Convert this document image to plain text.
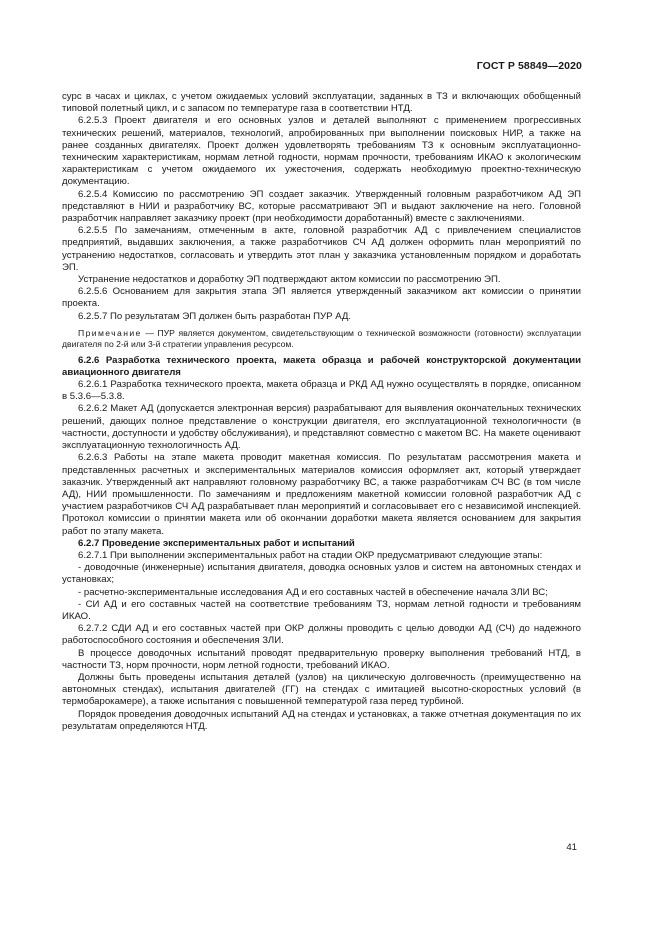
ГОСТ Р 58849—2020

сурс в часах и циклах, с учетом ожидаемых условий эксплуатации, заданных в ТЗ и включающих обобщенный типовой полетный цикл, и с запасом по температуре газа в соответствии НТД.

6.2.5.3 Проект двигателя и его основных узлов и деталей выполняют с применением прогрессивных технических решений, материалов, технологий, апробированных при выполнении поисковых НИР, а также на ранее созданных двигателях. Проект должен удовлетворять требованиям ТЗ к основным эксплуатационно-техническим характеристикам, нормам летной годности, нормам прочности, требованиям ИКАО к экологическим характеристикам с учетом ожидаемого их ужесточения, содержать необходимую проектно-техническую документацию.

6.2.5.4 Комиссию по рассмотрению ЭП создает заказчик. Утвержденный головным разработчиком АД ЭП представляют в НИИ и разработчику ВС, которые рассматривают ЭП и выдают заключение на него. Головной разработчик направляет заказчику проект (при необходимости доработанный) вместе с заключениями.

6.2.5.5 По замечаниям, отмеченным в акте, головной разработчик АД с привлечением специалистов предприятий, выдавших заключения, а также разработчиков СЧ АД должен оформить план мероприятий по устранению недостатков, согласовать и утвердить этот план у заказчика установленным порядком и доработать ЭП.

Устранение недостатков и доработку ЭП подтверждают актом комиссии по рассмотрению ЭП.

6.2.5.6 Основанием для закрытия этапа ЭП является утвержденный заказчиком акт комиссии о принятии проекта.

6.2.5.7 По результатам ЭП должен быть разработан ПУР АД.

Примечание — ПУР является документом, свидетельствующим о технической возможности (готовности) эксплуатации двигателя по 2-й или 3-й стратегии управления ресурсом.

6.2.6 Разработка технического проекта, макета образца и рабочей конструкторской документации авиационного двигателя

6.2.6.1 Разработка технического проекта, макета образца и РКД АД нужно осуществлять в порядке, описанном в 5.3.6—5.3.8.

6.2.6.2 Макет АД (допускается электронная версия) разрабатывают для выявления окончательных технических решений, дающих полное представление о конструкции двигателя, его эксплуатационной технологичности (в частности, доступности и удобству обслуживания), и представляют совместно с макетом ВС. На макете оценивают эксплуатационную технологичность АД.

6.2.6.3 Работы на этапе макета проводит макетная комиссия. По результатам рассмотрения макета и представленных расчетных и экспериментальных материалов комиссия оформляет акт, который утверждает заказчик. Утвержденный акт направляют головному разработчику ВС, а также разработчикам СЧ ВС (в том числе АД), НИИ промышленности. По замечаниям и предложениям макетной комиссии головной разработчик АД с участием разработчиков СЧ АД разрабатывает план мероприятий и согласовывает его с независимой инспекцией. Протокол комиссии о принятии макета или об окончании доработки макета является основанием для закрытия работ по этапу макета.

6.2.7 Проведение экспериментальных работ и испытаний

6.2.7.1 При выполнении экспериментальных работ на стадии ОКР предусматривают следующие этапы:

- доводочные (инженерные) испытания двигателя, доводка основных узлов и систем на автономных стендах и установках;

- расчетно-экспериментальные исследования АД и его составных частей в обеспечение начала ЗЛИ ВС;

- СИ АД и его составных частей на соответствие требованиям ТЗ, нормам летной годности и требованиям ИКАО.

6.2.7.2 СДИ АД и его составных частей при ОКР должны проводить с целью доводки АД (СЧ) до надежного работоспособного состояния и обеспечения ЗЛИ.

В процессе доводочных испытаний проводят предварительную проверку выполнения требований НТД, в частности ТЗ, норм прочности, норм летной годности, требований ИКАО.

Должны быть проведены испытания деталей (узлов) на циклическую долговечность (преимущественно на автономных стендах), испытания двигателей (ГГ) на стендах с имитацией высотно-скоростных условий (в термобарокамере), а также испытания с повышенной температурой газа перед турбиной.

Порядок проведения доводочных испытаний АД на стендах и установках, а также отчетная документация по их результатам определяются НТД.

41
